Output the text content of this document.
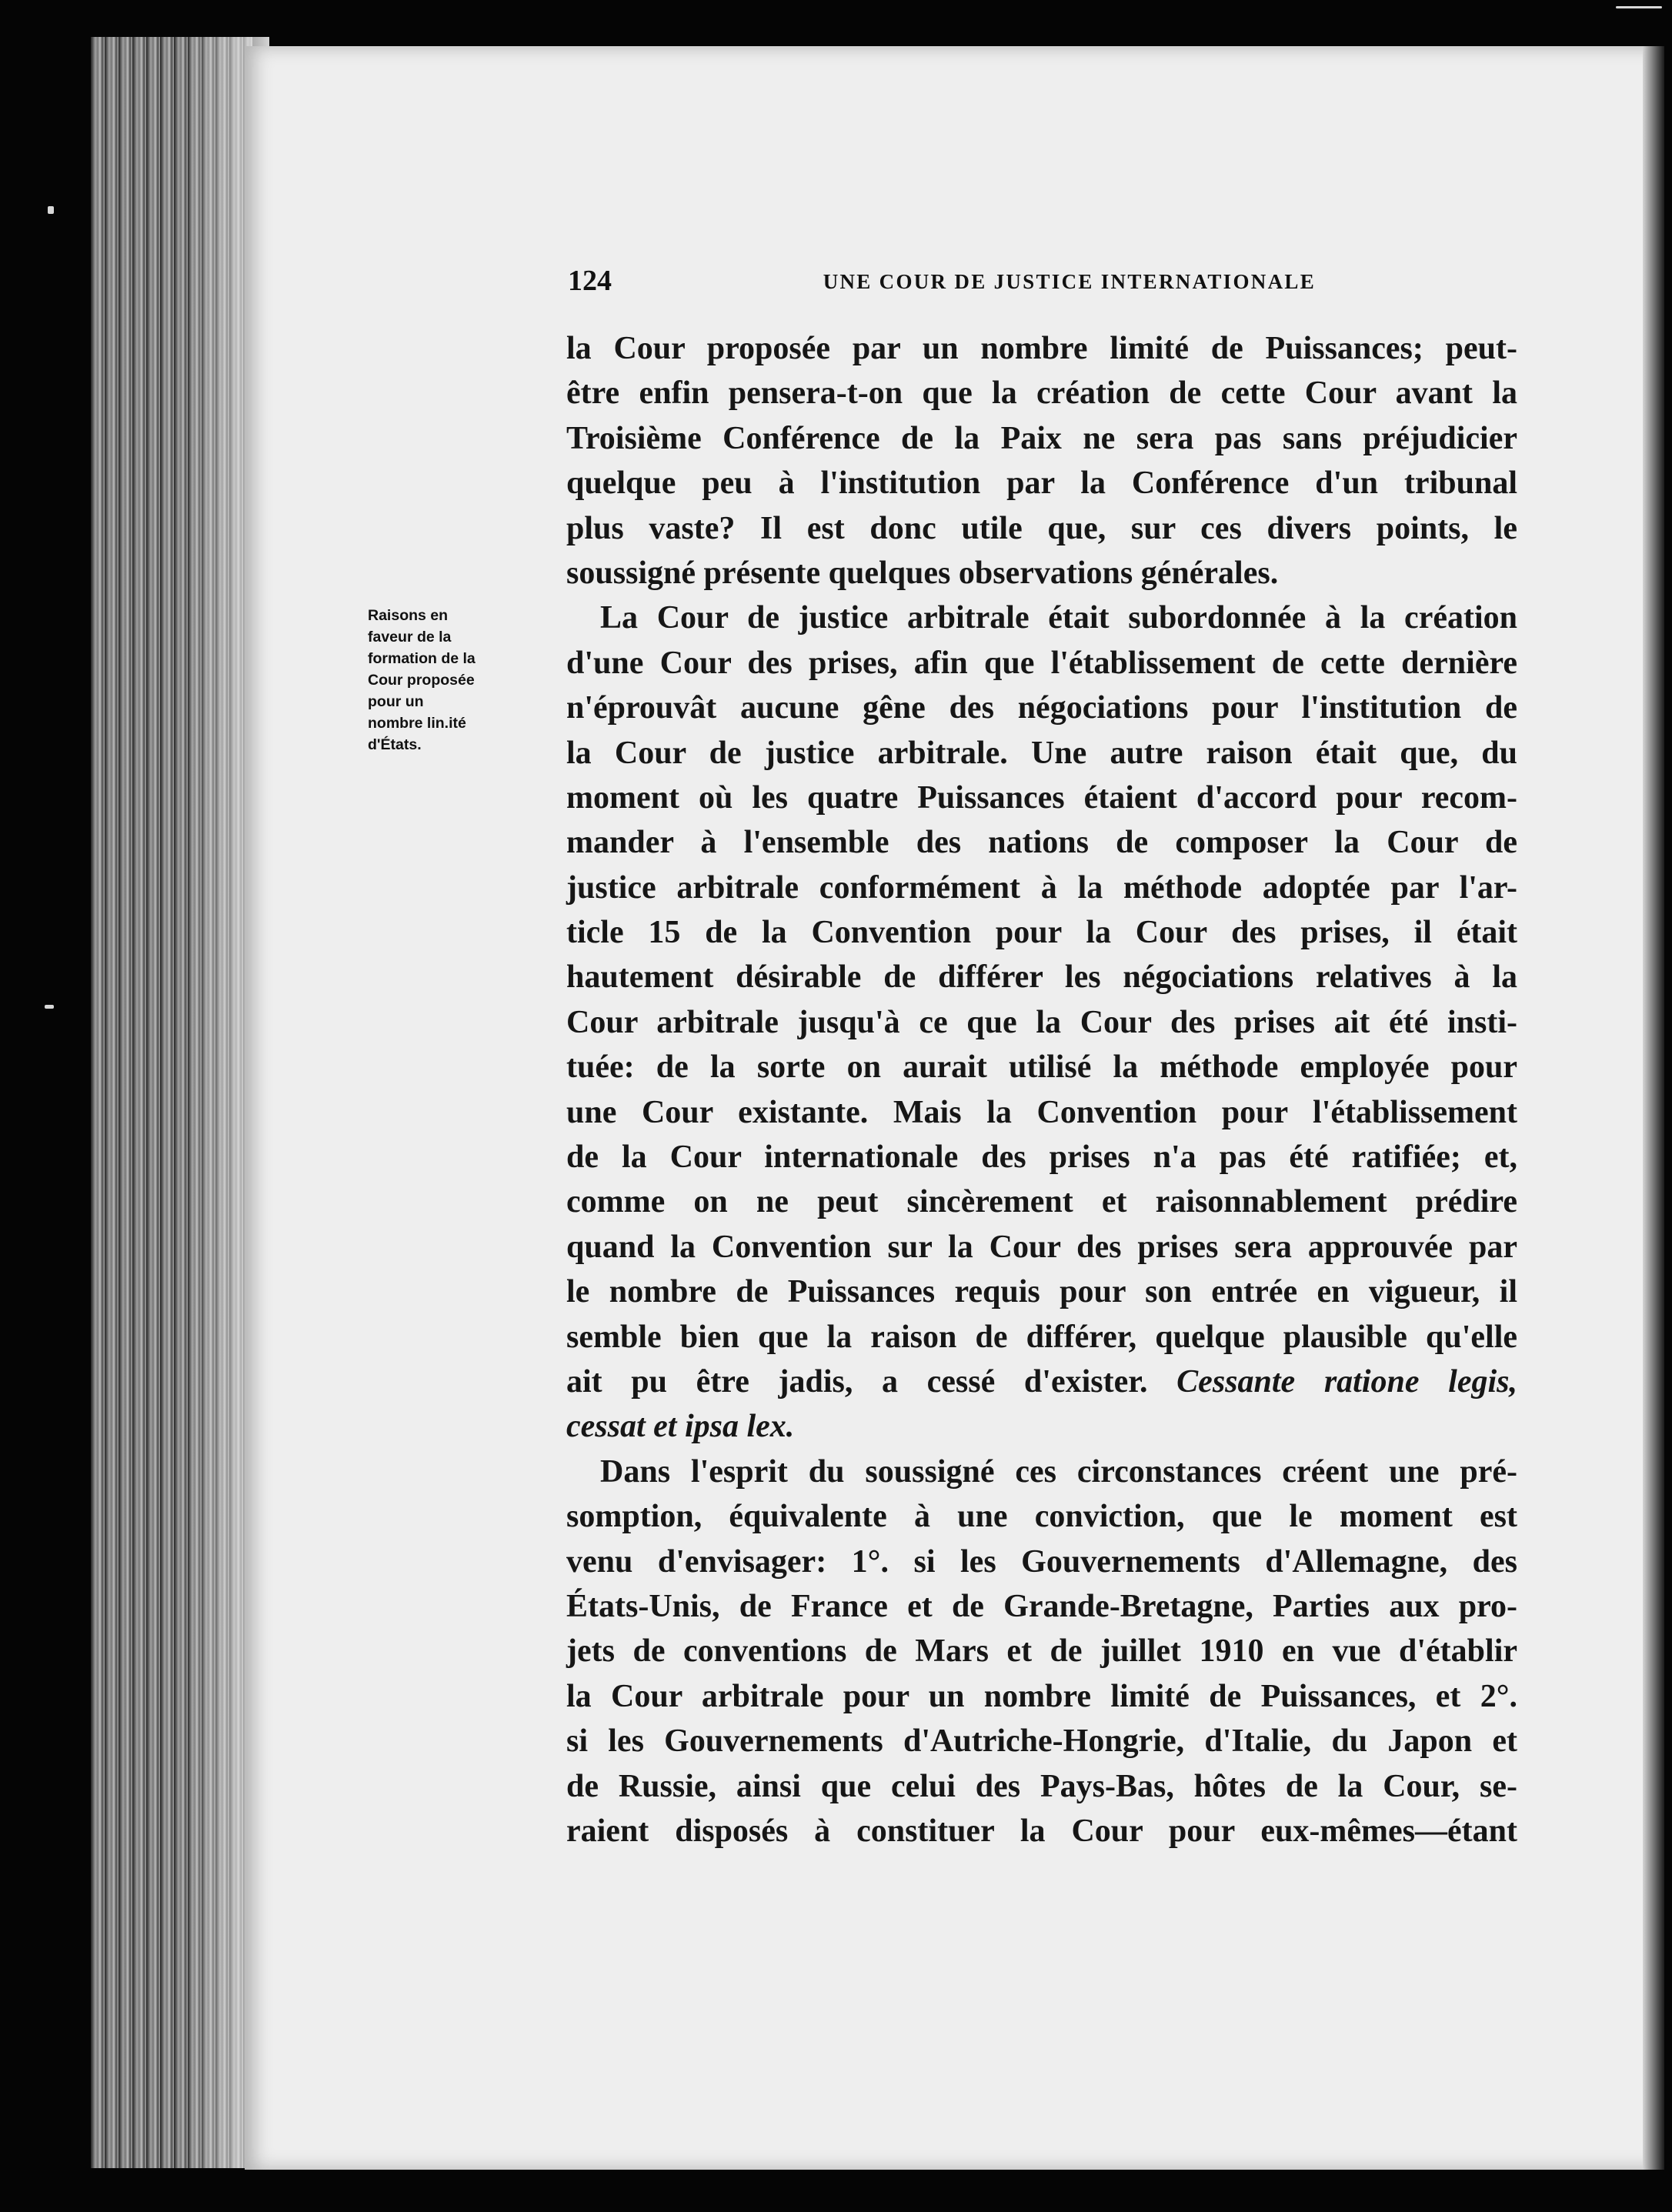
124	UNE COUR DE JUSTICE INTERNATIONALE
Raisons en
faveur de la
formation de la
Cour proposée
pour un
nombre lin.ité
d'États.
la Cour proposée par un nombre limité de Puissances; peut-
être enfin pensera-t-on que la création de cette Cour avant la
Troisième Conférence de la Paix ne sera pas sans préjudicier
quelque peu à l'institution par la Conférence d'un tribunal
plus vaste? Il est donc utile que, sur ces divers points, le
soussigné présente quelques observations générales.
La Cour de justice arbitrale était subordonnée à la création
d'une Cour des prises, afin que l'établissement de cette dernière
n'éprouvât aucune gêne des négociations pour l'institution de
la Cour de justice arbitrale. Une autre raison était que, du
moment où les quatre Puissances étaient d'accord pour recom-
mander à l'ensemble des nations de composer la Cour de
justice arbitrale conformément à la méthode adoptée par l'ar-
ticle 15 de la Convention pour la Cour des prises, il était
hautement désirable de différer les négociations relatives à la
Cour arbitrale jusqu'à ce que la Cour des prises ait été insti-
tuée: de la sorte on aurait utilisé la méthode employée pour
une Cour existante. Mais la Convention pour l'établissement
de la Cour internationale des prises n'a pas été ratifiée; et,
comme on ne peut sincèrement et raisonnablement prédire
quand la Convention sur la Cour des prises sera approuvée par
le nombre de Puissances requis pour son entrée en vigueur, il
semble bien que la raison de différer, quelque plausible qu'elle
ait pu être jadis, a cessé d'exister. Cessante ratione legis,
cessat et ipsa lex.
Dans l'esprit du soussigné ces circonstances créent une pré-
somption, équivalente à une conviction, que le moment est
venu d'envisager: 1°. si les Gouvernements d'Allemagne, des
États-Unis, de France et de Grande-Bretagne, Parties aux pro-
jets de conventions de Mars et de juillet 1910 en vue d'établir
la Cour arbitrale pour un nombre limité de Puissances, et 2°.
si les Gouvernements d'Autriche-Hongrie, d'Italie, du Japon et
de Russie, ainsi que celui des Pays-Bas, hôtes de la Cour, se-
raient disposés à constituer la Cour pour eux-mêmes—étant
